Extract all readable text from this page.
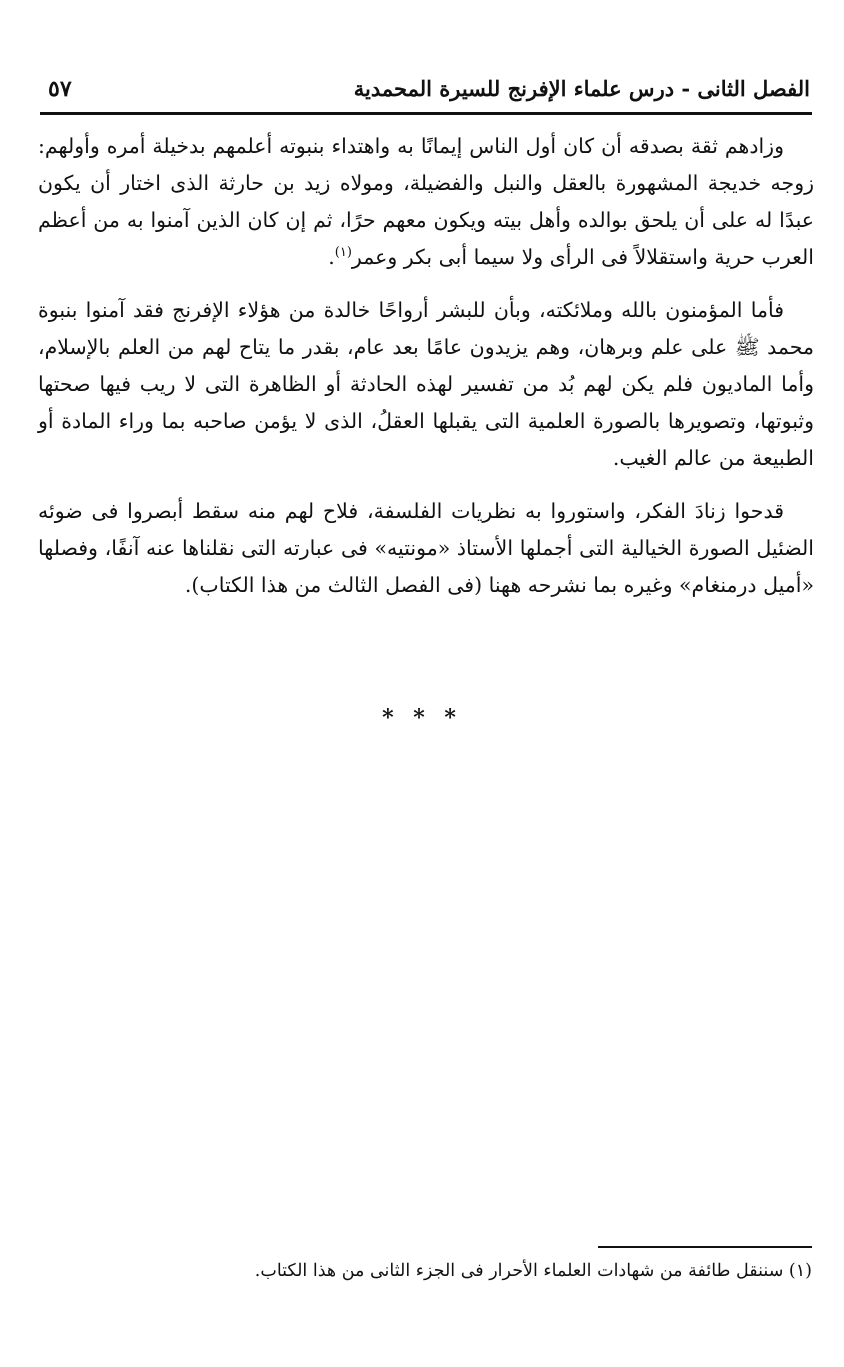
الفصل الثانى - درس علماء الإفرنج للسيرة المحمدية
٥٧

وزادهم ثقة بصدقه أن كان أول الناس إيمانًا به واهتداء بنبوته أعلمهم بدخيلة أمره وأولهم: زوجه خديجة المشهورة بالعقل والنبل والفضيلة، ومولاه زيد بن حارثة الذى اختار أن يكون عبدًا له على أن يلحق بوالده وأهل بيته ويكون معهم حرًا، ثم إن كان الذين آمنوا به من أعظم العرب حرية واستقلالاً فى الرأى ولا سيما أبى بكر وعمر$^{(١)}$.

فأما المؤمنون بالله وملائكته، وبأن للبشر أرواحًا خالدة من هؤلاء الإفرنج فقد آمنوا بنبوة محمد ﷺ على علم وبرهان، وهم يزيدون عامًا بعد عام، بقدر ما يتاح لهم من العلم بالإسلام، وأما الماديون فلم يكن لهم بُد من تفسير لهذه الحادثة أو الظاهرة التى لا ريب فيها صحتها وثبوتها، وتصويرها بالصورة العلمية التى يقبلها العقلُ، الذى لا يؤمن صاحبه بما وراء المادة أو الطبيعة من عالم الغيب.

قدحوا زنادَ الفكر، واستوروا به نظريات الفلسفة، فلاح لهم منه سقط أبصروا فى ضوئه الضئيل الصورة الخيالية التى أجملها الأستاذ «مونتيه» فى عبارته التى نقلناها عنه آنفًا، وفصلها «أميل درمنغام» وغيره بما نشرحه ههنا (فى الفصل الثالث من هذا الكتاب).

* * *
(١) سننقل طائفة من شهادات العلماء الأحرار فى الجزء الثانى من هذا الكتاب.
